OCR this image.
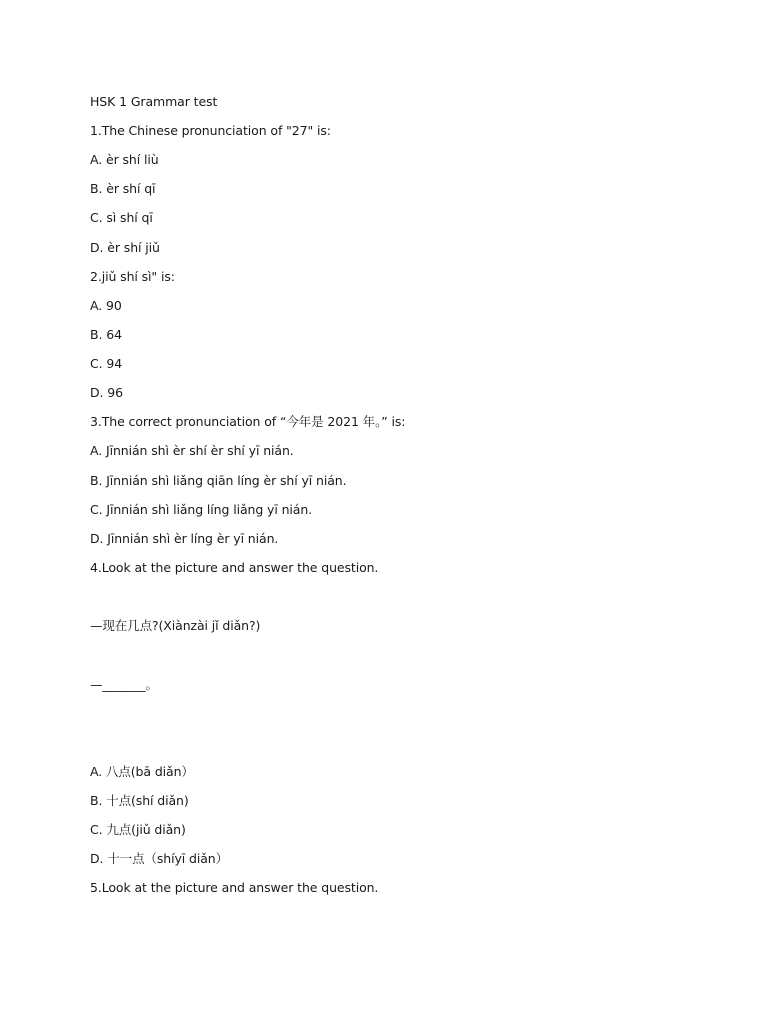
HSK 1 Grammar test
1.The Chinese pronunciation of "27" is:
A. èr shí liù
B. èr shí qī
C. sì shí qī
D. èr shí jiǔ
2.jiǔ shí sì" is:
A. 90
B. 64
C. 94
D. 96
3.The correct pronunciation of “今年是 2021 年。” is:
A. Jīnnián shì èr shí èr shí yī nián.
B. Jīnnián shì liǎng qiān líng èr shí yī nián.
C. Jīnnián shì liǎng líng liǎng yī nián.
D. Jīnnián shì èr líng èr yī nián.
4.Look at the picture and answer the question.
—现在几点?(Xiànzài jǐ diǎn?)
—_______。
A. 八点(bā diǎn）
B. 十点(shí diǎn)
C. 九点(jiǔ diǎn)
D. 十一点（shíyī diǎn）
5.Look at the picture and answer the question.
